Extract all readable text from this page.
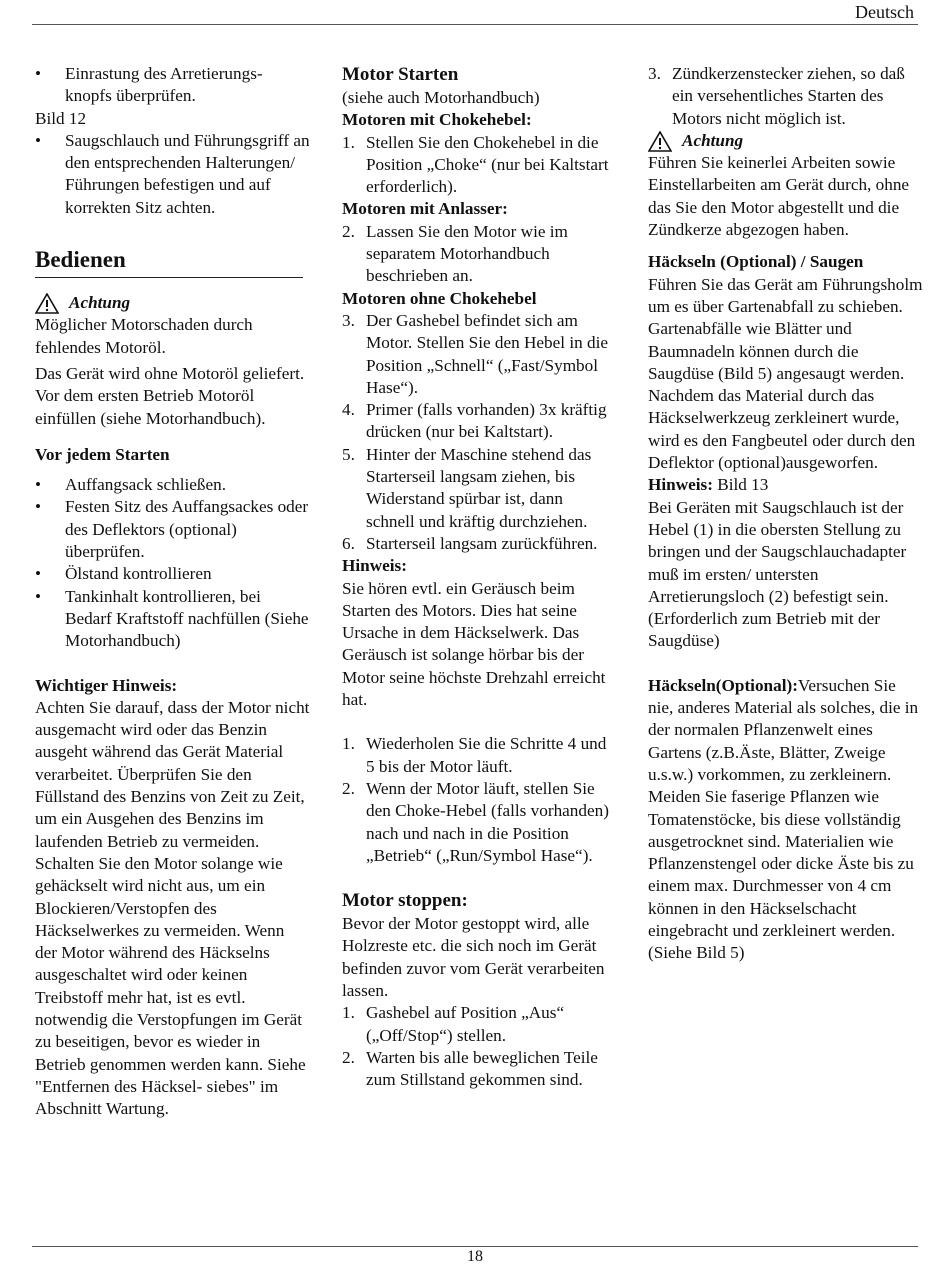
Deutsch
•	Einrastung des Arretierungs- knopfs überprüfen.

Bild 12

•	Saugschlauch und Führungsgriff an den entsprechenden Halterungen/ Führungen befestigen und auf korrekten Sitz achten.
Bedienen
Achtung

Möglicher Motorschaden durch fehlendes Motoröl.

Das Gerät wird ohne Motoröl geliefert. Vor dem ersten Betrieb Motoröl einfüllen (siehe Motorhandbuch).

Vor jedem Starten

•	Auffangsack schließen.
•	Festen Sitz des Auffangsackes oder des Deflektors (optional) überprüfen.
•	Ölstand kontrollieren
•	Tankinhalt kontrollieren, bei Bedarf Kraftstoff nachfüllen (Siehe Motorhandbuch)

Wichtiger Hinweis:

Achten Sie darauf, dass der Motor nicht ausgemacht wird oder das Benzin ausgeht während das Gerät Material verarbeitet. Überprüfen Sie den Füllstand des Benzins von Zeit zu Zeit, um ein Ausgehen des Benzins im laufenden Betrieb zu vermeiden. Schalten Sie den Motor solange wie gehäckselt wird nicht aus, um ein Blockieren/Verstopfen des Häckselwerkes zu vermeiden. Wenn der Motor während des Häckselns ausgeschaltet wird oder keinen Treibstoff mehr hat, ist es evtl. notwendig die Verstopfungen im Gerät zu beseitigen, bevor es wieder in Betrieb genommen werden kann. Siehe "Entfernen des Häcksel- siebes" im Abschnitt Wartung.

Motor Starten

(siehe auch Motorhandbuch)

Motoren mit Chokehebel:

1. Stellen Sie den Chokehebel in die Position „Choke“ (nur bei Kaltstart erforderlich).

Motoren mit Anlasser:

2. Lassen Sie den Motor wie im separatem Motorhandbuch beschrieben an.

Motoren ohne Chokehebel

3. Der Gashebel befindet sich am Motor. Stellen Sie den Hebel in die Position „Schnell“ („Fast/Symbol Hase“).
4. Primer (falls vorhanden) 3x kräftig drücken (nur bei Kaltstart).
5. Hinter der Maschine stehend das Starterseil langsam ziehen, bis Widerstand spürbar ist, dann schnell und kräftig durchziehen.
6. Starterseil langsam zurückführen.

Hinweis:

Sie hören evtl. ein Geräusch beim Starten des Motors. Dies hat seine Ursache in dem Häckselwerk. Das Geräusch ist solange hörbar bis der Motor seine höchste Drehzahl erreicht hat.

1. Wiederholen Sie die Schritte 4 und 5 bis der Motor läuft.
2. Wenn der Motor läuft, stellen Sie den Choke-Hebel (falls vorhanden) nach und nach in die Position „Betrieb“ („Run/Symbol Hase“).

Motor stoppen:

Bevor der Motor gestoppt wird, alle Holzreste etc. die sich noch im Gerät befinden zuvor vom Gerät verarbeiten lassen.

1. Gashebel auf Position „Aus“ („Off/Stop“) stellen.
2. Warten bis alle beweglichen Teile zum Stillstand gekommen sind.
3. Zündkerzenstecker ziehen, so daß ein versehentliches Starten des Motors nicht möglich ist.
Achtung

Führen Sie keinerlei Arbeiten sowie Einstellarbeiten am Gerät durch, ohne das Sie den Motor abgestellt und die Zündkerze abgezogen haben.

Häckseln (Optional) / Saugen

Führen Sie das Gerät am Führungsholm um es über Gartenabfall zu schieben. Gartenabfälle wie Blätter und Baumnadeln können durch die Saugdüse (Bild 5) angesaugt werden. Nachdem das Material durch das Häckselwerkzeug zerkleinert wurde, wird es den Fangbeutel oder durch den Deflektor (optional)ausgeworfen.

Hinweis: Bild 13

Bei Geräten mit Saugschlauch ist der Hebel (1) in die obersten Stellung zu bringen und der Saugschlauchadapter muß im ersten/ untersten Arretierungsloch (2) befestigt sein. (Erforderlich zum Betrieb mit der Saugdüse)

Häckseln(Optional):Versuchen Sie nie, anderes Material als solches, die in der normalen Pflanzenwelt eines Gartens (z.B.Äste, Blätter, Zweige u.s.w.) vorkommen, zu zerkleinern. Meiden Sie faserige Pflanzen wie Tomatenstöcke, bis diese vollständig ausgetrocknet sind. Materialien wie Pflanzenstengel oder dicke Äste bis zu einem max. Durchmesser von 4 cm können in den Häckselschacht eingebracht und zerkleinert werden. (Siehe Bild 5)

18
